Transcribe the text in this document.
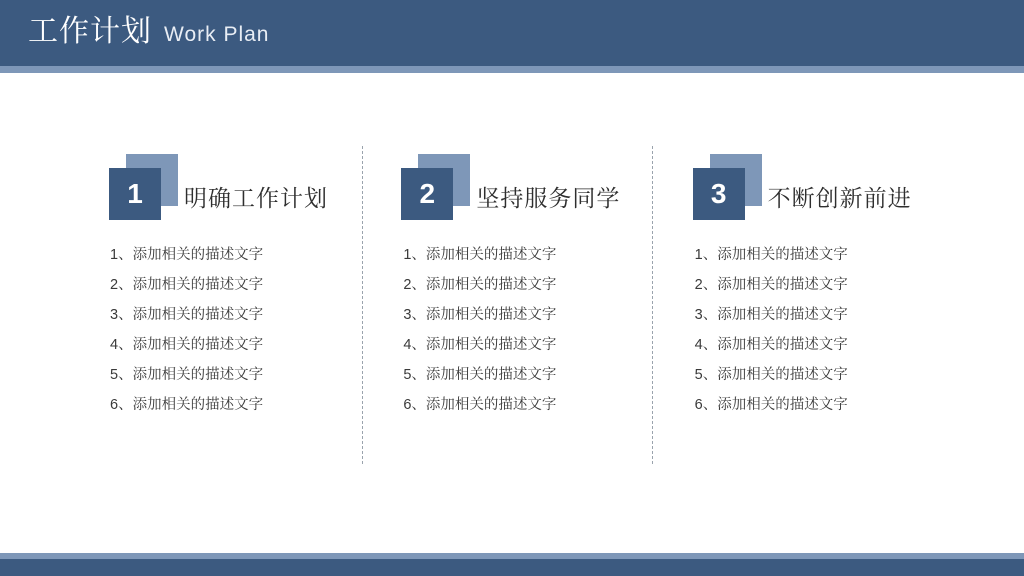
工作计划 Work Plan
1	明确工作计划
1、添加相关的描述文字
2、添加相关的描述文字
3、添加相关的描述文字
4、添加相关的描述文字
5、添加相关的描述文字
6、添加相关的描述文字
2	坚持服务同学
1、添加相关的描述文字
2、添加相关的描述文字
3、添加相关的描述文字
4、添加相关的描述文字
5、添加相关的描述文字
6、添加相关的描述文字
3	不断创新前进
1、添加相关的描述文字
2、添加相关的描述文字
3、添加相关的描述文字
4、添加相关的描述文字
5、添加相关的描述文字
6、添加相关的描述文字
